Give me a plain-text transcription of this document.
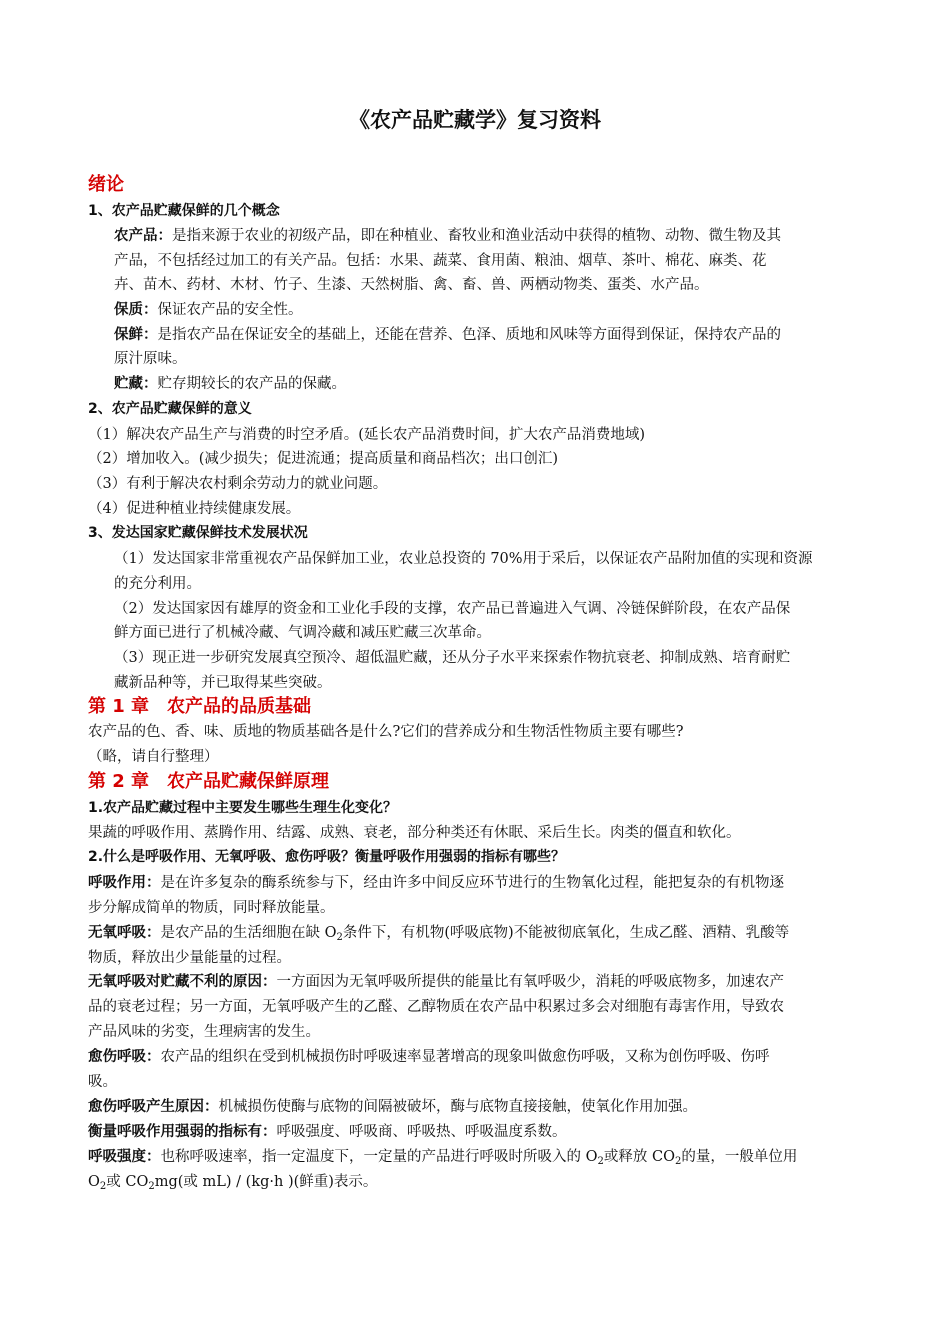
《农产品贮藏学》复习资料
绪论
1、农产品贮藏保鲜的几个概念
农产品：是指来源于农业的初级产品，即在种植业、畜牧业和渔业活动中获得的植物、动物、微生物及其
产品，不包括经过加工的有关产品。包括：水果、蔬菜、食用菌、粮油、烟草、茶叶、棉花、麻类、花
卉、苗木、药材、木材、竹子、生漆、天然树脂、禽、畜、兽、两栖动物类、蛋类、水产品。
保质：保证农产品的安全性。
保鲜：是指农产品在保证安全的基础上，还能在营养、色泽、质地和风味等方面得到保证，保持农产品的
原汁原味。
贮藏：贮存期较长的农产品的保藏。
2、农产品贮藏保鲜的意义
（1）解决农产品生产与消费的时空矛盾。(延长农产品消费时间，扩大农产品消费地域)
（2）增加收入。(减少损失；促进流通；提高质量和商品档次；出口创汇)
（3）有利于解决农村剩余劳动力的就业问题。
（4）促进种植业持续健康发展。
3、发达国家贮藏保鲜技术发展状况
（1）发达国家非常重视农产品保鲜加工业，农业总投资的 70%用于采后，以保证农产品附加值的实现和资源
的充分利用。
（2）发达国家因有雄厚的资金和工业化手段的支撑，农产品已普遍进入气调、冷链保鲜阶段，在农产品保
鲜方面已进行了机械冷藏、气调冷藏和减压贮藏三次革命。
（3）现正进一步研究发展真空预冷、超低温贮藏，还从分子水平来探索作物抗衰老、抑制成熟、培育耐贮
藏新品种等，并已取得某些突破。
第 1 章　农产品的品质基础
农产品的色、香、味、质地的物质基础各是什么?它们的营养成分和生物活性物质主要有哪些?
（略，请自行整理）
第 2 章　农产品贮藏保鲜原理
1.农产品贮藏过程中主要发生哪些生理生化变化？
果蔬的呼吸作用、蒸腾作用、结露、成熟、衰老，部分种类还有休眠、采后生长。肉类的僵直和软化。
2.什么是呼吸作用、无氧呼吸、愈伤呼吸？衡量呼吸作用强弱的指标有哪些？
呼吸作用：是在许多复杂的酶系统参与下，经由许多中间反应环节进行的生物氧化过程，能把复杂的有机物逐
步分解成简单的物质，同时释放能量。
无氧呼吸：是农产品的生活细胞在缺 $O_2$条件下，有机物(呼吸底物)不能被彻底氧化，生成乙醛、酒精、乳酸等
物质，释放出少量能量的过程。
无氧呼吸对贮藏不利的原因：一方面因为无氧呼吸所提供的能量比有氧呼吸少，消耗的呼吸底物多，加速农产
品的衰老过程；另一方面，无氧呼吸产生的乙醛、乙醇物质在农产品中积累过多会对细胞有毒害作用，导致农
产品风味的劣变，生理病害的发生。
愈伤呼吸：农产品的组织在受到机械损伤时呼吸速率显著增高的现象叫做愈伤呼吸，又称为创伤呼吸、伤呼
吸。
愈伤呼吸产生原因：机械损伤使酶与底物的间隔被破坏，酶与底物直接接触，使氧化作用加强。
衡量呼吸作用强弱的指标有：呼吸强度、呼吸商、呼吸热、呼吸温度系数。
呼吸强度：也称呼吸速率，指一定温度下，一定量的产品进行呼吸时所吸入的 $O_2$或释放 $CO_2$的量，一般单位用
$O_2$或 $CO_2mg$(或 mL) / (kg·h )(鲜重)表示。
